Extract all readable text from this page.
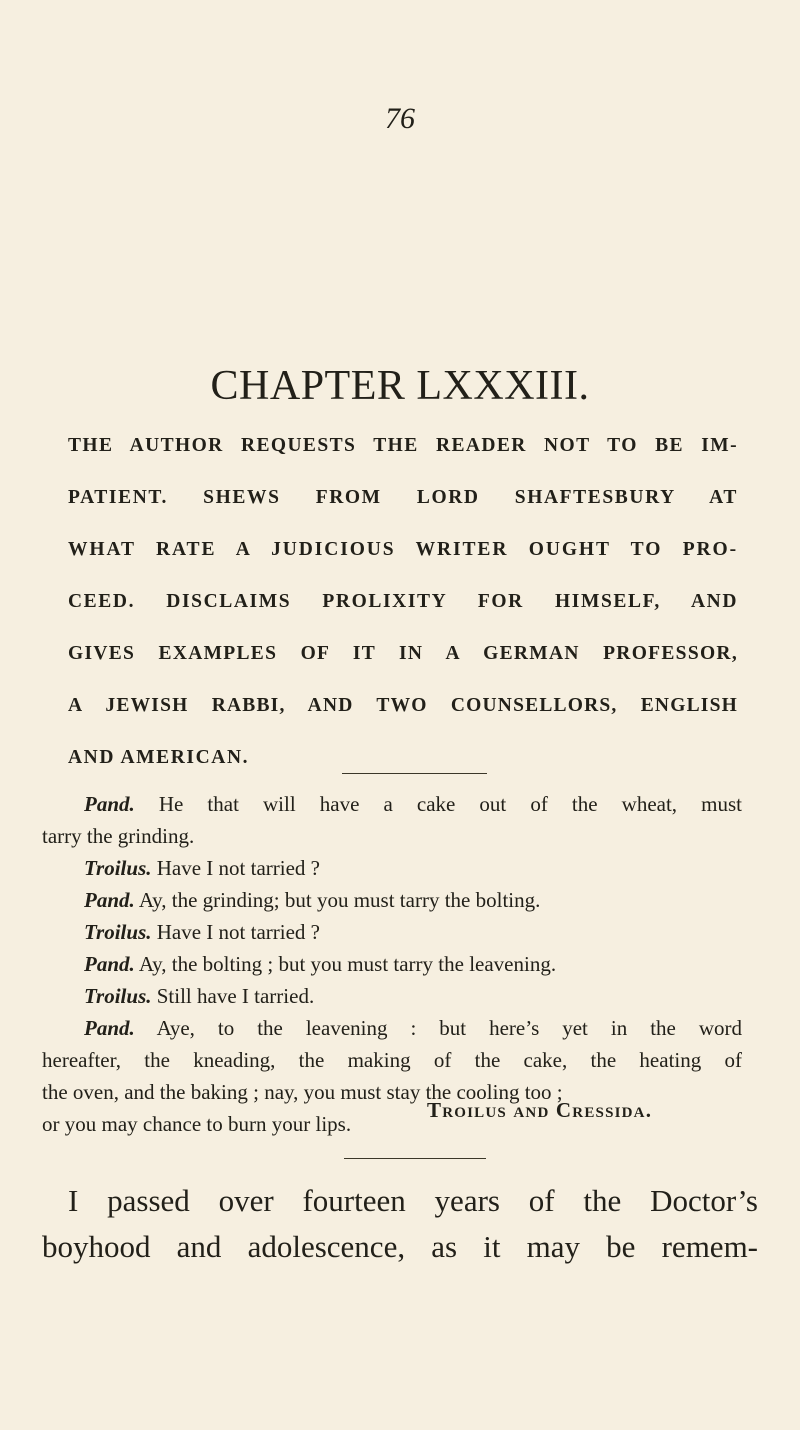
76
CHAPTER LXXXIII.
THE AUTHOR REQUESTS THE READER NOT TO BE IM-
PATIENT. SHEWS FROM LORD SHAFTESBURY AT
WHAT RATE A JUDICIOUS WRITER OUGHT TO PRO-
CEED. DISCLAIMS PROLIXITY FOR HIMSELF, AND
GIVES EXAMPLES OF IT IN A GERMAN PROFESSOR,
A JEWISH RABBI, AND TWO COUNSELLORS, ENGLISH
AND AMERICAN.
Pand. He that will have a cake out of the wheat, must
tarry the grinding.
Troilus. Have I not tarried ?
Pand. Ay, the grinding; but you must tarry the bolting.
Troilus. Have I not tarried ?
Pand. Ay, the bolting ; but you must tarry the leavening.
Troilus. Still have I tarried.
Pand. Aye, to the leavening : but here’s yet in the word
hereafter, the kneading, the making of the cake, the heating of
the oven, and the baking ; nay, you must stay the cooling too ;
or you may chance to burn your lips.
Troilus and Cressida.
I passed over fourteen years of the Doctor’s
boyhood and adolescence, as it may be remem-
